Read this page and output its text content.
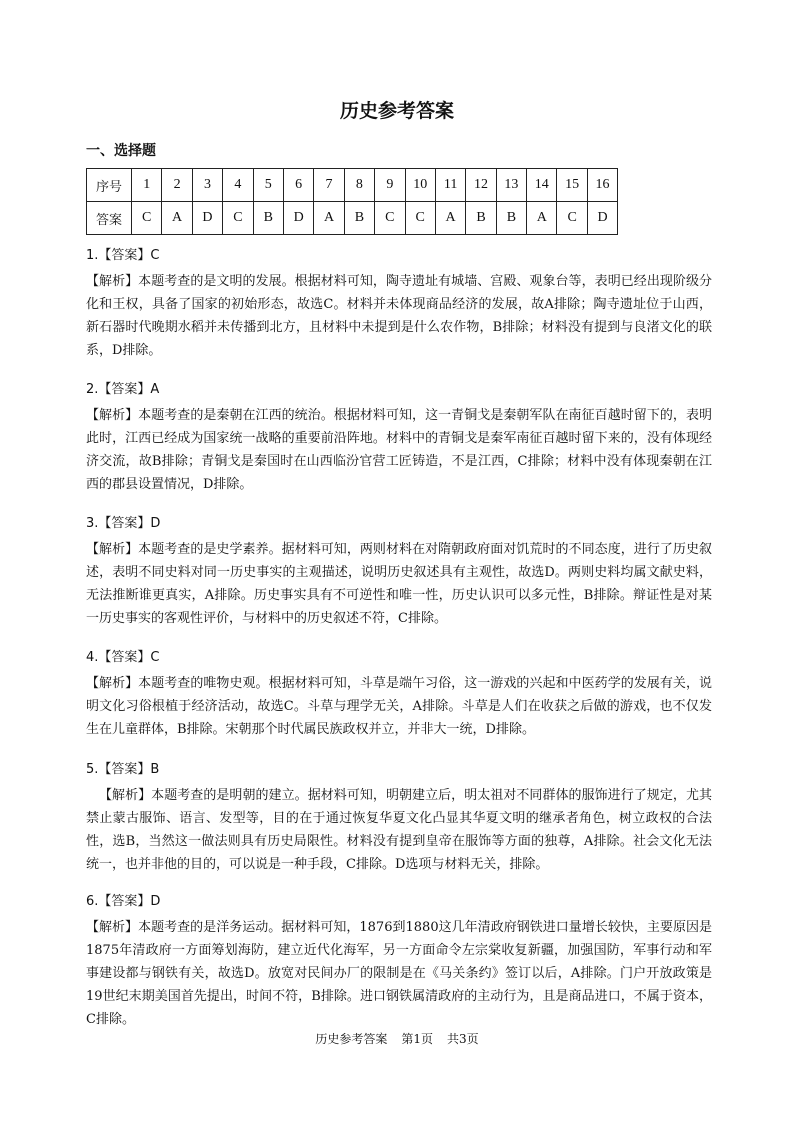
历史参考答案
一、选择题
序号	1	2	3	4	5	6	7	8	9	10	11	12	13	14	15	16
答案	C	A	D	C	B	D	A	B	C	C	A	B	B	A	C	D
1.【答案】C
【解析】本题考查的是文明的发展。根据材料可知，陶寺遗址有城墙、宫殿、观象台等，表明已经出现阶级分化和王权，具备了国家的初始形态，故选C。材料并未体现商品经济的发展，故A排除；陶寺遗址位于山西，新石器时代晚期水稻并未传播到北方，且材料中未提到是什么农作物，B排除；材料没有提到与良渚文化的联系，D排除。
2.【答案】A
【解析】本题考查的是秦朝在江西的统治。根据材料可知，这一青铜戈是秦朝军队在南征百越时留下的，表明此时，江西已经成为国家统一战略的重要前沿阵地。材料中的青铜戈是秦军南征百越时留下来的，没有体现经济交流，故B排除；青铜戈是秦国时在山西临汾官营工匠铸造，不是江西，C排除；材料中没有体现秦朝在江西的郡县设置情况，D排除。
3.【答案】D
【解析】本题考查的是史学素养。据材料可知，两则材料在对隋朝政府面对饥荒时的不同态度，进行了历史叙述，表明不同史料对同一历史事实的主观描述，说明历史叙述具有主观性，故选D。两则史料均属文献史料，无法推断谁更真实，A排除。历史事实具有不可逆性和唯一性，历史认识可以多元性，B排除。辩证性是对某一历史事实的客观性评价，与材料中的历史叙述不符，C排除。
4.【答案】C
【解析】本题考查的唯物史观。根据材料可知，斗草是端午习俗，这一游戏的兴起和中医药学的发展有关，说明文化习俗根植于经济活动，故选C。斗草与理学无关，A排除。斗草是人们在收获之后做的游戏，也不仅发生在儿童群体，B排除。宋朝那个时代属民族政权并立，并非大一统，D排除。
5.【答案】B
【解析】本题考查的是明朝的建立。据材料可知，明朝建立后，明太祖对不同群体的服饰进行了规定，尤其禁止蒙古服饰、语言、发型等，目的在于通过恢复华夏文化凸显其华夏文明的继承者角色，树立政权的合法性，选B，当然这一做法则具有历史局限性。材料没有提到皇帝在服饰等方面的独尊，A排除。社会文化无法统一，也并非他的目的，可以说是一种手段，C排除。D选项与材料无关，排除。
6.【答案】D
【解析】本题考查的是洋务运动。据材料可知，1876到1880这几年清政府钢铁进口量增长较快，主要原因是1875年清政府一方面筹划海防，建立近代化海军，另一方面命令左宗棠收复新疆，加强国防，军事行动和军事建设都与钢铁有关，故选D。放宽对民间办厂的限制是在《马关条约》签订以后，A排除。门户开放政策是19世纪末期美国首先提出，时间不符，B排除。进口钢铁属清政府的主动行为，且是商品进口，不属于资本，C排除。
历史参考答案 第1页 共3页
